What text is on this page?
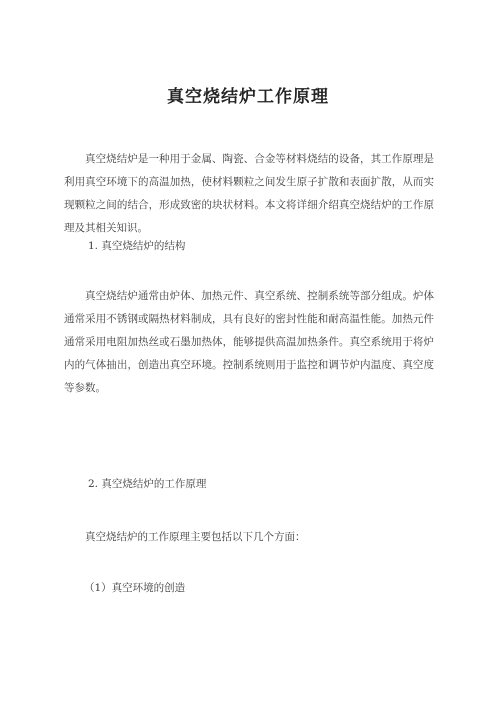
真空烧结炉工作原理
真空烧结炉是一种用于金属、陶瓷、合金等材料烧结的设备，其工作原理是利用真空环境下的高温加热，使材料颗粒之间发生原子扩散和表面扩散，从而实现颗粒之间的结合，形成致密的块状材料。本文将详细介绍真空烧结炉的工作原理及其相关知识。
1. 真空烧结炉的结构
真空烧结炉通常由炉体、加热元件、真空系统、控制系统等部分组成。炉体通常采用不锈钢或隔热材料制成，具有良好的密封性能和耐高温性能。加热元件通常采用电阻加热丝或石墨加热体，能够提供高温加热条件。真空系统用于将炉内的气体抽出，创造出真空环境。控制系统则用于监控和调节炉内温度、真空度等参数。
2. 真空烧结炉的工作原理
真空烧结炉的工作原理主要包括以下几个方面：
（1）真空环境的创造
